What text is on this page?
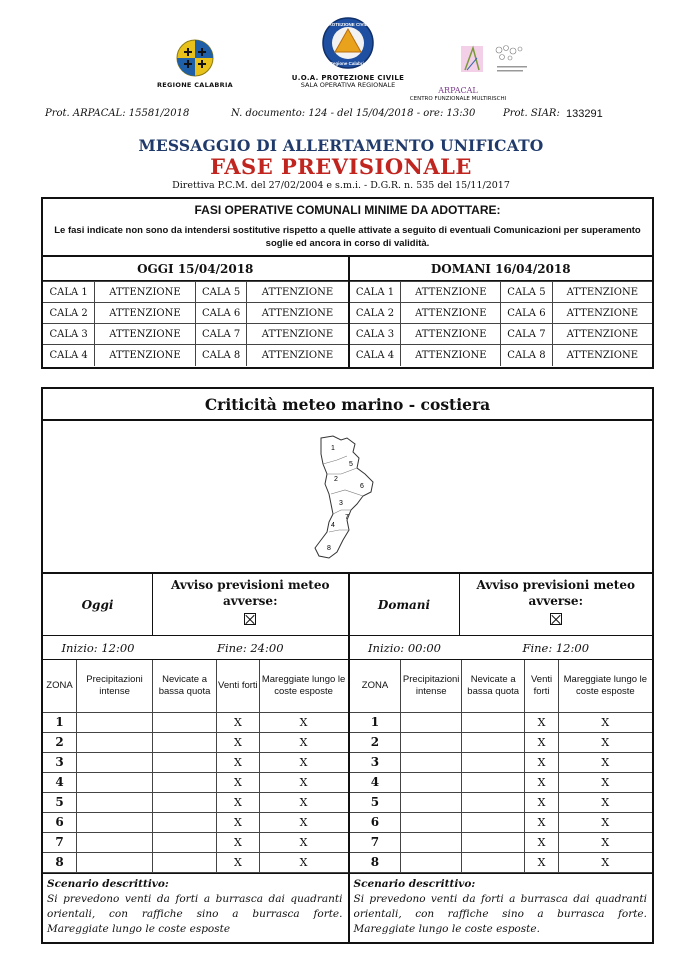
REGIONE CALABRIA
PROTEZIONE CIVILE
Regione Calabria
U.O.A. PROTEZIONE CIVILE
SALA OPERATIVA REGIONALE
ARPACAL
CENTRO FUNZIONALE MULTIRISCHI
Prot. ARPACAL: 15581/2018	N. documento: 124 - del 15/04/2018 - ore: 13:30	Prot. SIAR: 133291
MESSAGGIO DI ALLERTAMENTO UNIFICATO
FASE PREVISIONALE
Direttiva P.C.M. del 27/02/2004 e s.m.i. - D.G.R. n. 535 del 15/11/2017
FASI OPERATIVE COMUNALI MINIME DA ADOTTARE:
Le fasi indicate non sono da intendersi sostitutive rispetto a quelle attivate a seguito di eventuali Comunicazioni per superamento soglie ed ancora in corso di validità.
OGGI 15/04/2018
CALA 1	ATTENZIONE	CALA 5	ATTENZIONE
CALA 2	ATTENZIONE	CALA 6	ATTENZIONE
CALA 3	ATTENZIONE	CALA 7	ATTENZIONE
CALA 4	ATTENZIONE	CALA 8	ATTENZIONE
DOMANI 16/04/2018
CALA 1	ATTENZIONE	CALA 5	ATTENZIONE
CALA 2	ATTENZIONE	CALA 6	ATTENZIONE
CALA 3	ATTENZIONE	CALA 7	ATTENZIONE
CALA 4	ATTENZIONE	CALA 8	ATTENZIONE
Criticità meteo marino - costiera
1
2
3
4
5
6
7
8
Oggi
Avviso previsioni meteo avverse:
Inizio: 12:00	Fine: 24:00
ZONA	Precipitazioni intense	Nevicate a bassa quota	Venti forti	Mareggiate lungo le coste esposte
1			X	X
2			X	X
3			X	X
4			X	X
5			X	X
6			X	X
7			X	X
8			X	X
Scenario descrittivo:
Si prevedono venti da forti a burrasca dai quadranti orientali, con raffiche sino a burrasca forte. Mareggiate lungo le coste esposte
Domani
Avviso previsioni meteo avverse:
Inizio: 00:00	Fine: 12:00
ZONA	Precipitazioni intense	Nevicate a bassa quota	Venti forti	Mareggiate lungo le coste esposte
1			X	X
2			X	X
3			X	X
4			X	X
5			X	X
6			X	X
7			X	X
8			X	X
Scenario descrittivo:
Si prevedono venti da forti a burrasca dai quadranti orientali, con raffiche sino a burrasca forte. Mareggiate lungo le coste esposte.
